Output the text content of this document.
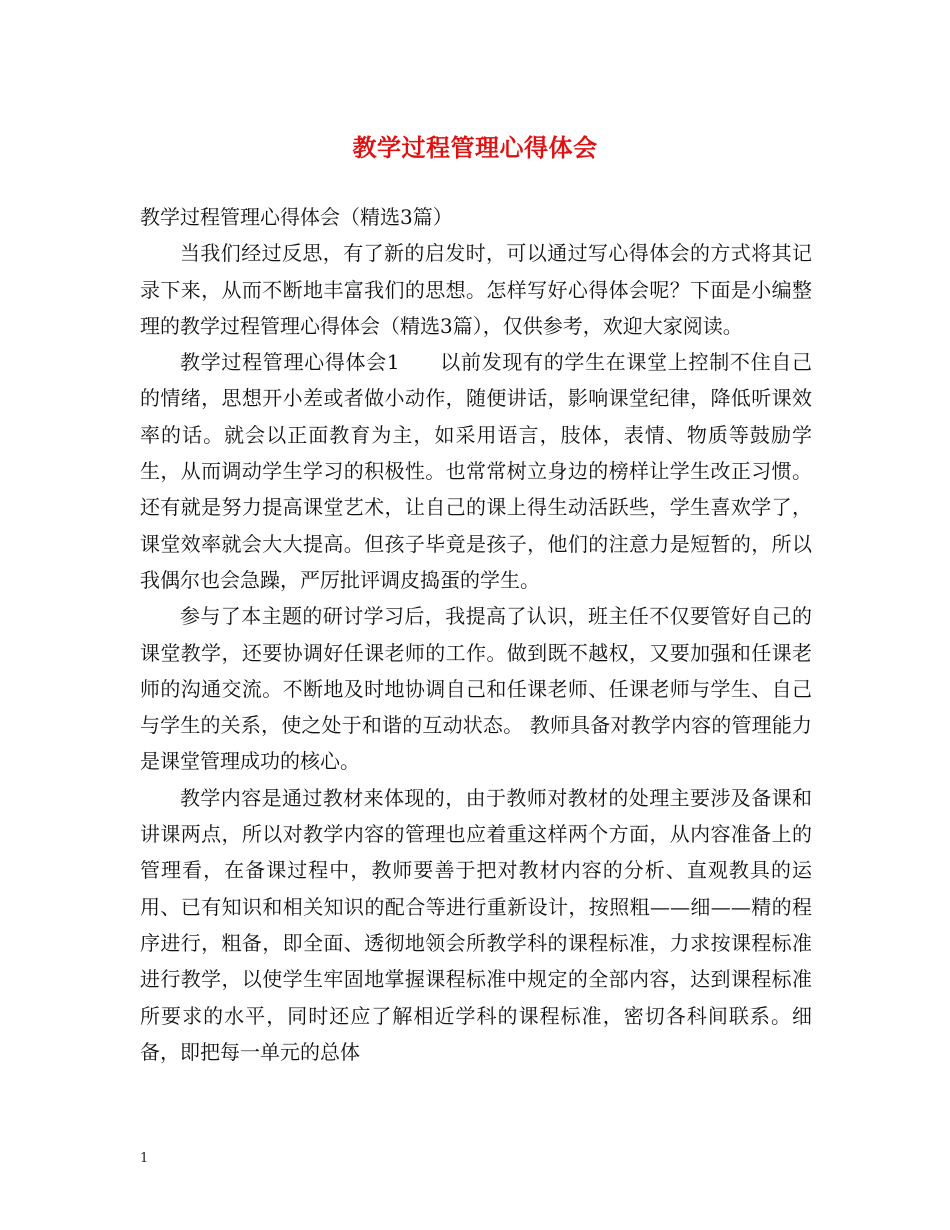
教学过程管理心得体会

教学过程管理心得体会（精选3篇）

当我们经过反思，有了新的启发时，可以通过写心得体会的方式将其记录下来，从而不断地丰富我们的思想。怎样写好心得体会呢？下面是小编整理的教学过程管理心得体会（精选3篇），仅供参考，欢迎大家阅读。

教学过程管理心得体会1 以前发现有的学生在课堂上控制不住自己的情绪，思想开小差或者做小动作，随便讲话，影响课堂纪律，降低听课效率的话。就会以正面教育为主，如采用语言，肢体，表情、物质等鼓励学生，从而调动学生学习的积极性。也常常树立身边的榜样让学生改正习惯。还有就是努力提高课堂艺术，让自己的课上得生动活跃些，学生喜欢学了，课堂效率就会大大提高。但孩子毕竟是孩子，他们的注意力是短暂的，所以我偶尔也会急躁，严厉批评调皮捣蛋的学生。

参与了本主题的研讨学习后，我提高了认识，班主任不仅要管好自己的课堂教学，还要协调好任课老师的工作。做到既不越权，又要加强和任课老师的沟通交流。不断地及时地协调自己和任课老师、任课老师与学生、自己与学生的关系，使之处于和谐的互动状态。 教师具备对教学内容的管理能力是课堂管理成功的核心。

教学内容是通过教材来体现的，由于教师对教材的处理主要涉及备课和讲课两点，所以对教学内容的管理也应着重这样两个方面，从内容准备上的管理看，在备课过程中，教师要善于把对教材内容的分析、直观教具的运用、已有知识和相关知识的配合等进行重新设计，按照粗——细——精的程序进行，粗备，即全面、透彻地领会所教学科的课程标准，力求按课程标准进行教学，以使学生牢固地掌握课程标准中规定的全部内容，达到课程标准所要求的水平，同时还应了解相近学科的课程标准，密切各科间联系。细备，即把每一单元的总体

1
